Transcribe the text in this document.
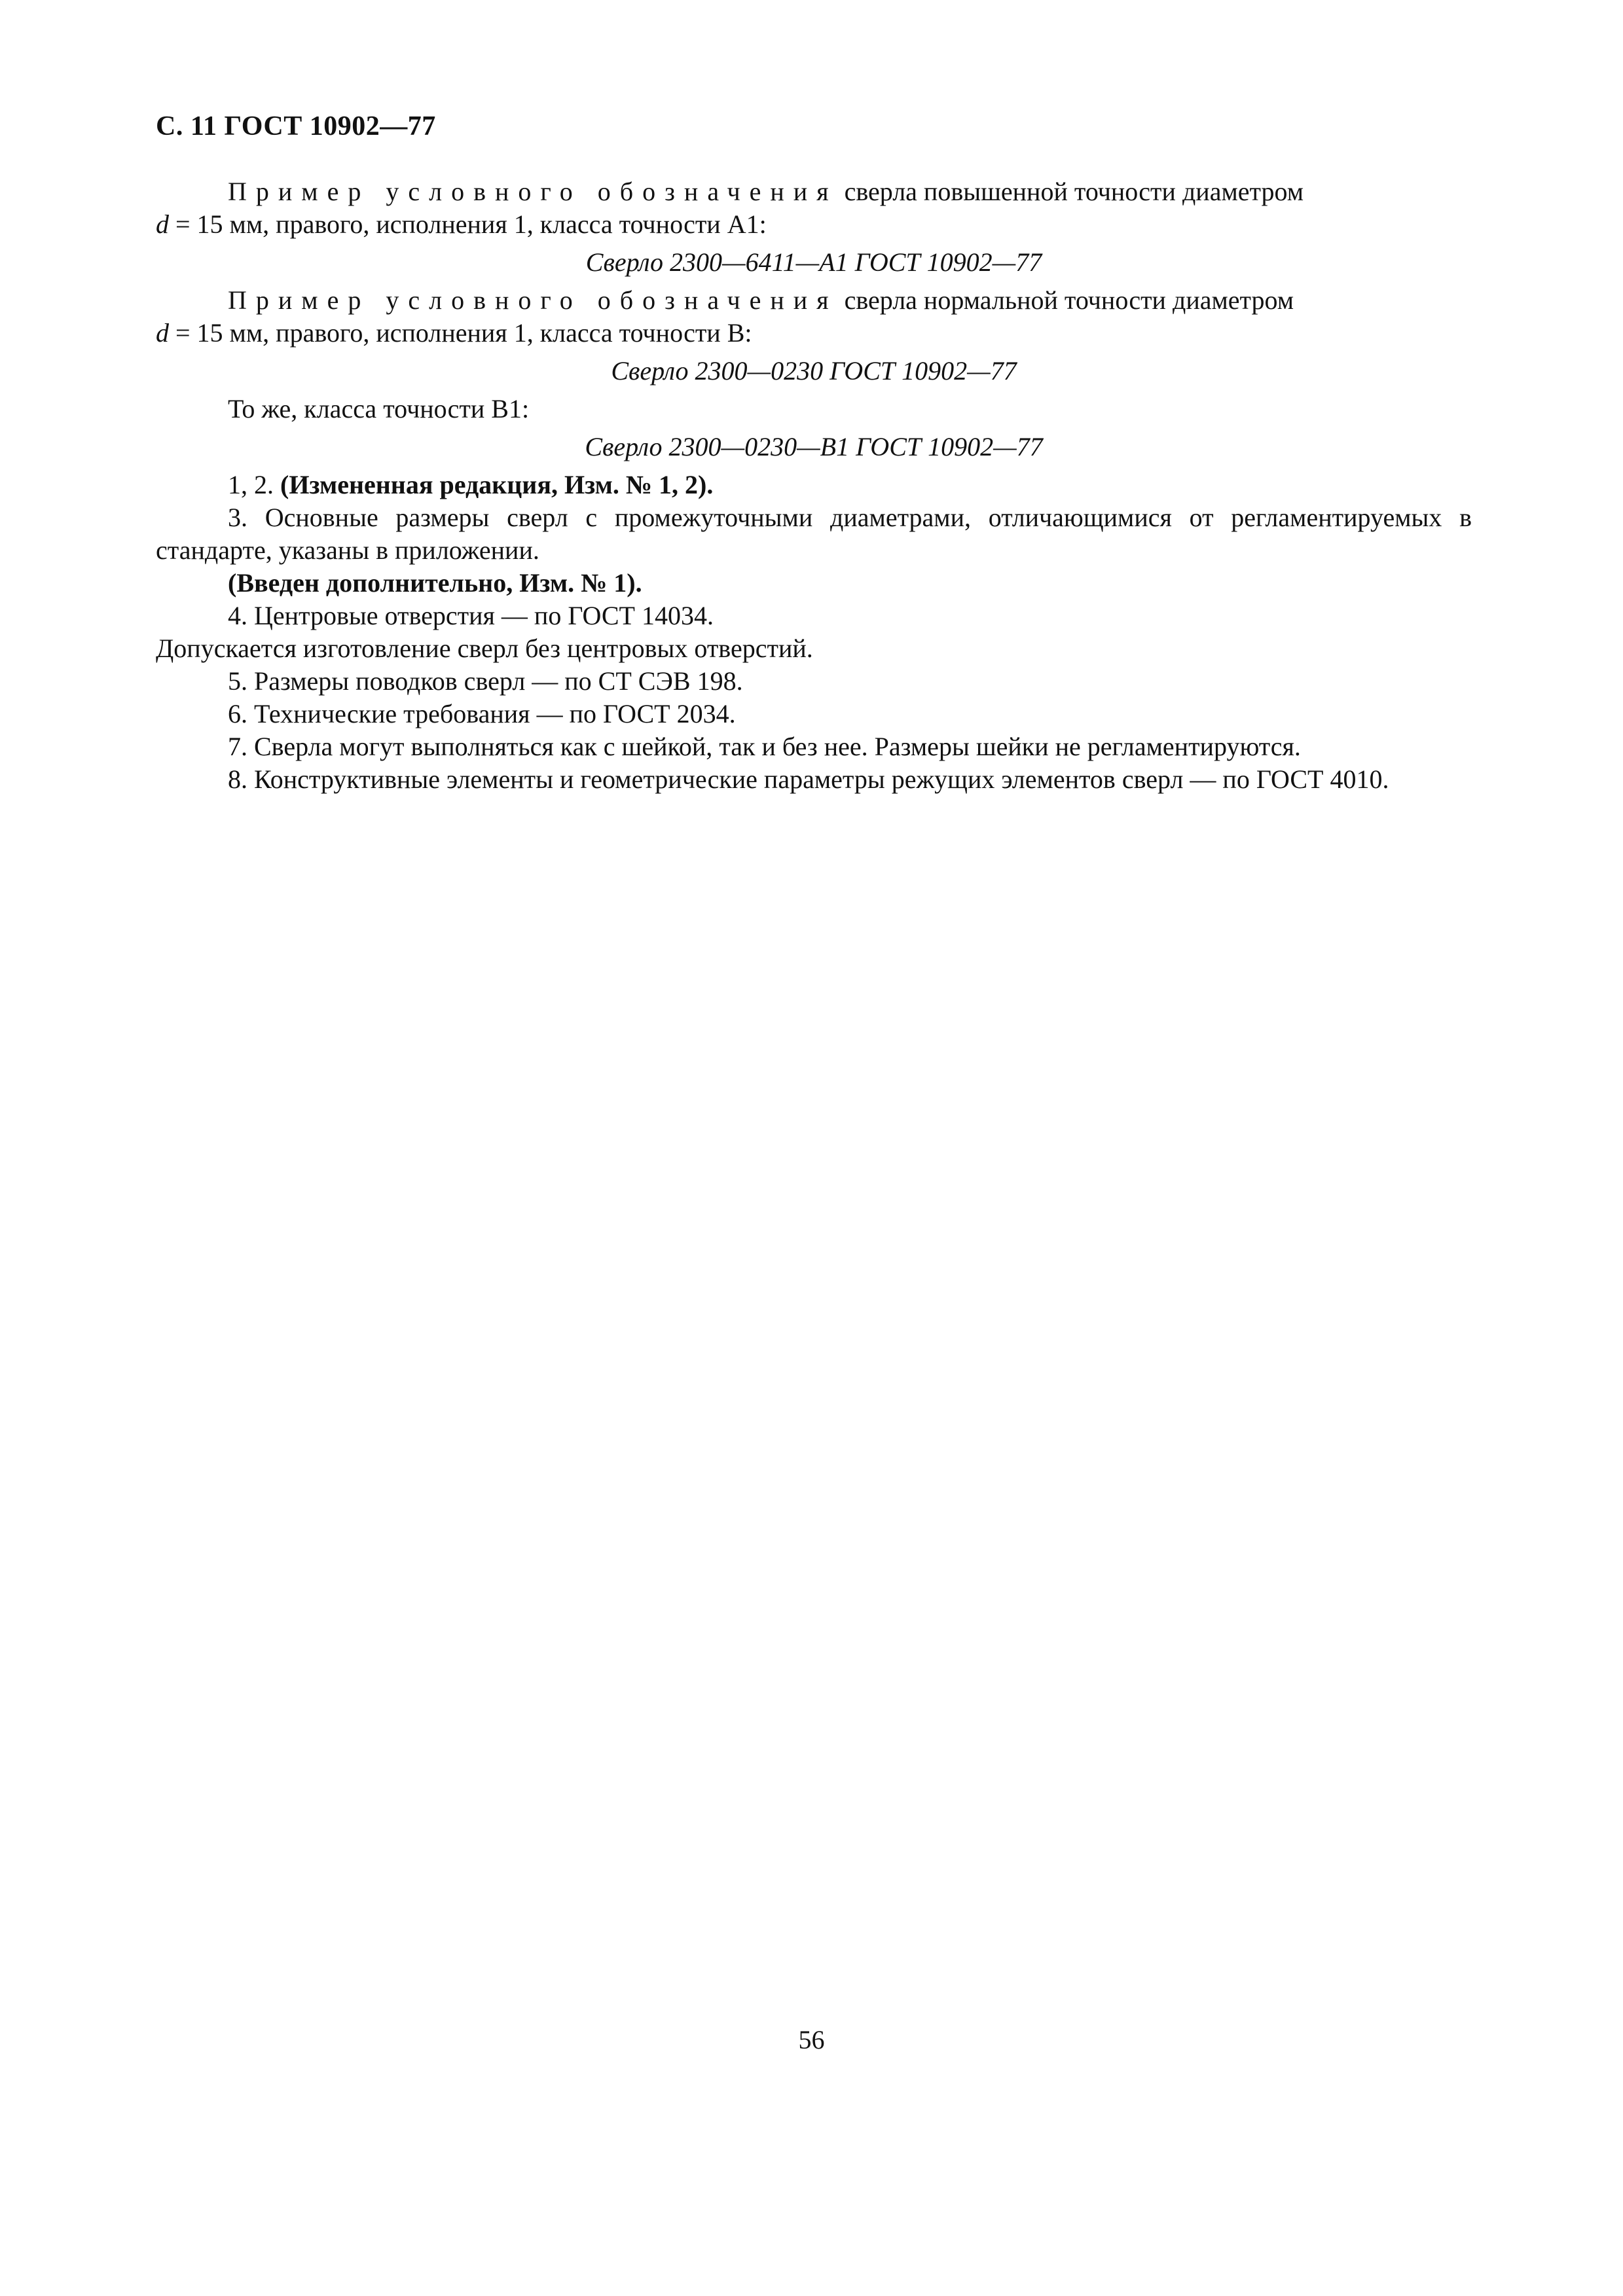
С. 11 ГОСТ 10902—77

Пример условного обозначения сверла повышенной точности диаметром

d = 15 мм, правого, исполнения 1, класса точности А1:

Сверло 2300—6411—А1 ГОСТ 10902—77

Пример условного обозначения сверла нормальной точности диаметром

d = 15 мм, правого, исполнения 1, класса точности В:

Сверло 2300—0230 ГОСТ 10902—77

То же, класса точности В1:

Сверло 2300—0230—В1 ГОСТ 10902—77

1, 2. (Измененная редакция, Изм. № 1, 2).

3. Основные размеры сверл с промежуточными диаметрами, отличающимися от регламентируемых в стандарте, указаны в приложении.

(Введен дополнительно, Изм. № 1).

4. Центровые отверстия — по ГОСТ 14034.

Допускается изготовление сверл без центровых отверстий.

5. Размеры поводков сверл — по СТ СЭВ 198.

6. Технические требования — по ГОСТ 2034.

7. Сверла могут выполняться как с шейкой, так и без нее. Размеры шейки не регламентируются.

8. Конструктивные элементы и геометрические параметры режущих элементов сверл — по ГОСТ 4010.

56
